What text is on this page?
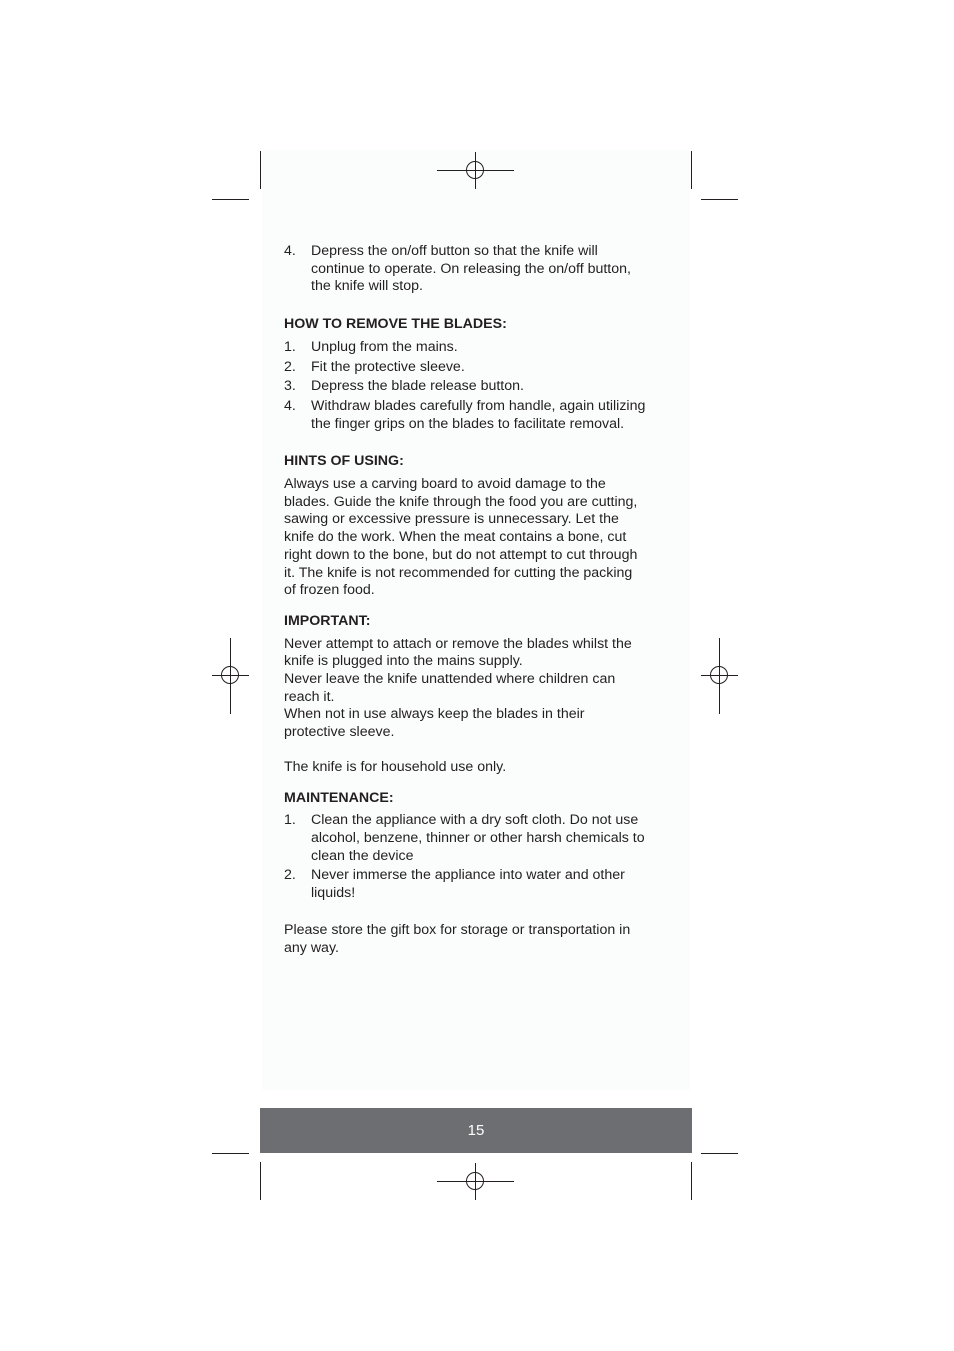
4.	Depress the on/off button so that the knife will continue to operate. On releasing the on/off button, the knife will stop.
HOW TO REMOVE THE BLADES:
1.	Unplug from the mains.
2.	Fit the protective sleeve.
3.	Depress the blade release button.
4.	Withdraw blades carefully from handle, again utilizing the finger grips on the blades to facilitate removal.
HINTS OF USING:

Always use a carving board to avoid damage to the blades. Guide the knife through the food you are cutting, sawing or excessive pressure is unnecessary. Let the knife do the work. When the meat contains a bone, cut right down to the bone, but do not attempt to cut through it. The knife is not recommended for cutting the packing of frozen food.

IMPORTANT:

Never attempt to attach or remove the blades whilst the knife is plugged into the mains supply.

Never leave the knife unattended where children can reach it.

When not in use always keep the blades in their protective sleeve.

The knife is for household use only.

MAINTENANCE:
1.	Clean the appliance with a dry soft cloth. Do not use alcohol, benzene, thinner or other harsh chemicals to clean the device
2.	Never immerse the appliance into water and other liquids!

Please store the gift box for storage or transportation in any way.

15
